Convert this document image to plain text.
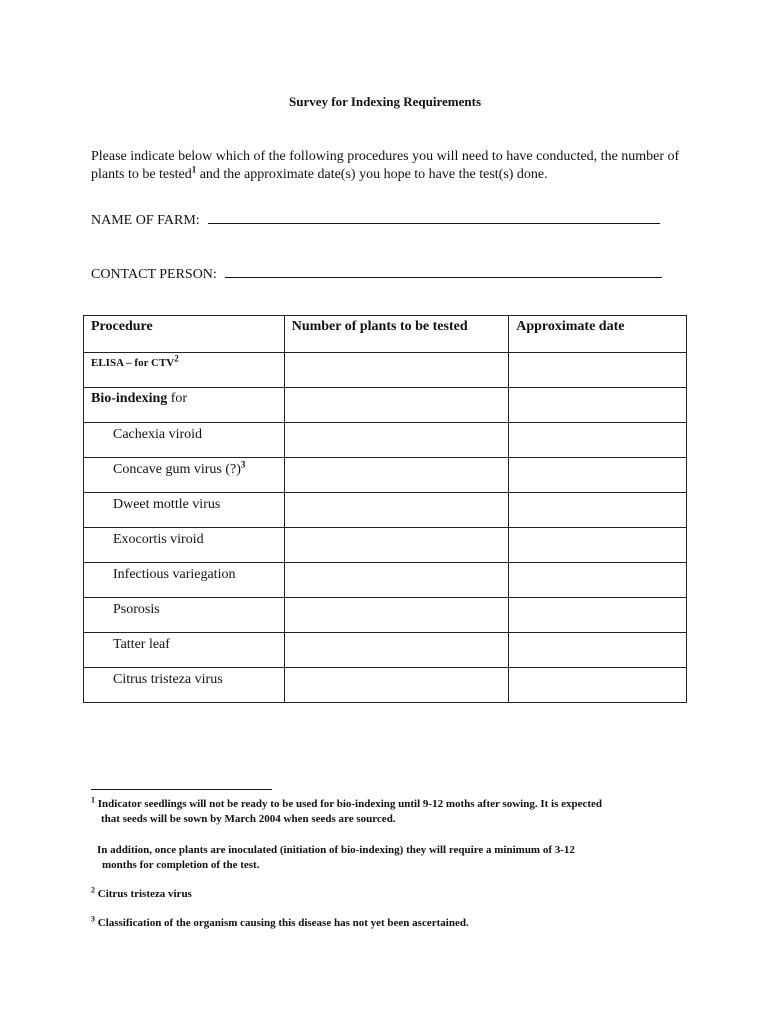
Survey for Indexing Requirements
Please indicate below which of the following procedures you will need to have conducted, the number of plants to be tested$^1$ and the approximate date(s) you hope to have the test(s) done.
NAME OF FARM:
CONTACT PERSON:
Procedure	Number of plants to be tested	Approximate date
ELISA – for CTV$^2$		
Bio-indexing for		
Cachexia viroid		
Concave gum virus (?)$^3$		
Dweet mottle virus		
Exocortis viroid		
Infectious variegation		
Psorosis		
Tatter leaf		
Citrus tristeza virus		
$^1$ Indicator seedlings will not be ready to be used for bio-indexing until 9-12 moths after sowing. It is expected
that seeds will be sown by March 2004 when seeds are sourced.
In addition, once plants are inoculated (initiation of bio-indexing) they will require a minimum of 3-12
months for completion of the test.
$^2$ Citrus tristeza virus
$^3$ Classification of the organism causing this disease has not yet been ascertained.
